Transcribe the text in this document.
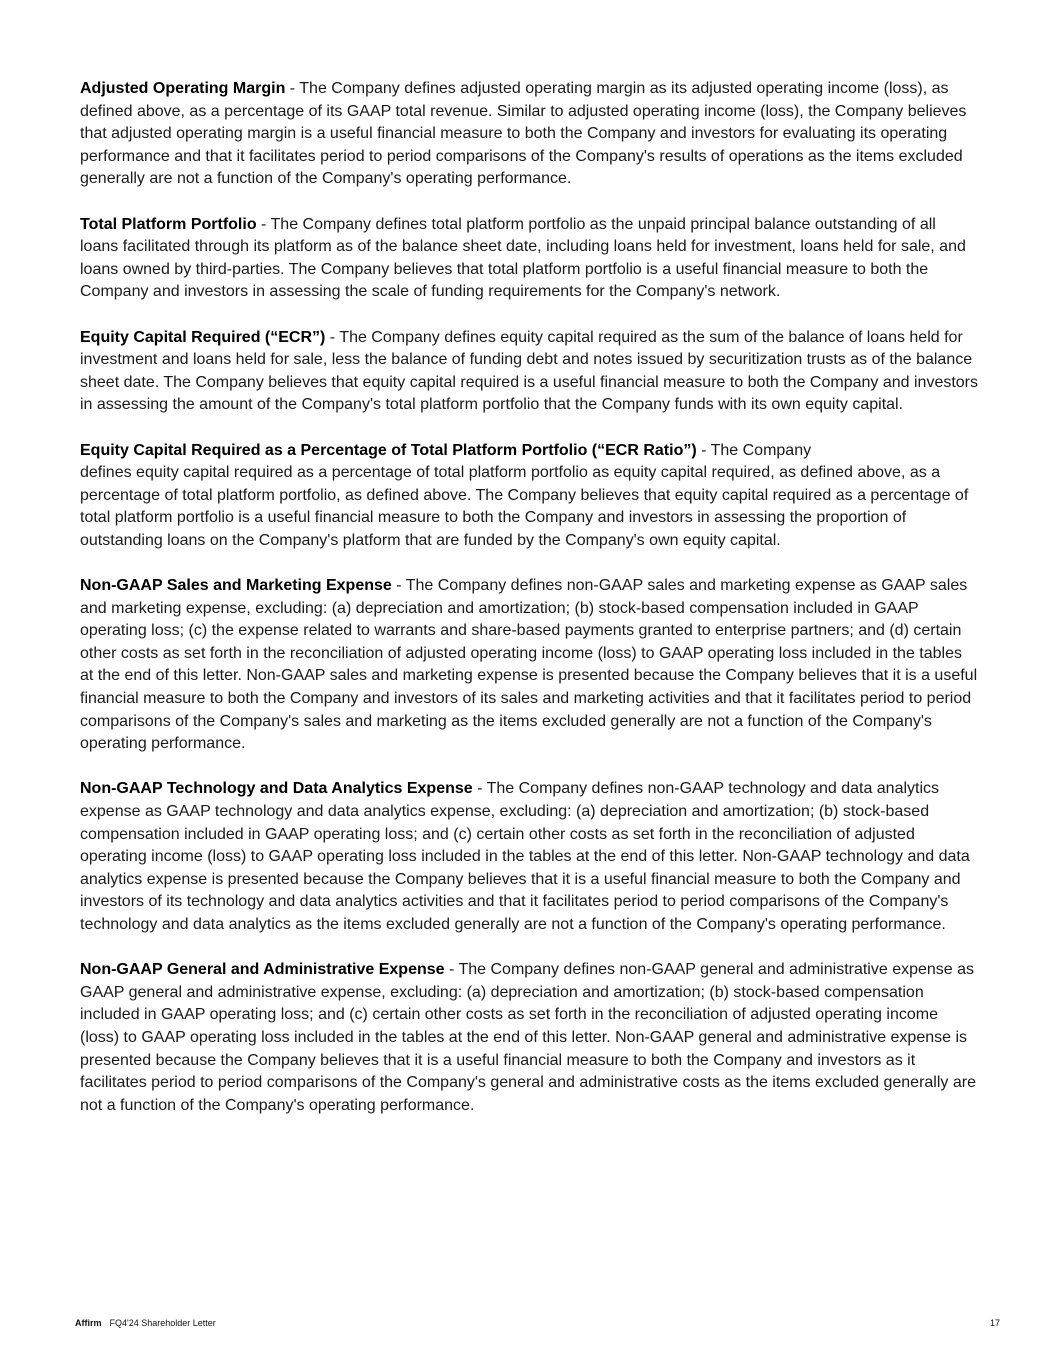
Adjusted Operating Margin - The Company defines adjusted operating margin as its adjusted operating income (loss), as defined above, as a percentage of its GAAP total revenue. Similar to adjusted operating income (loss), the Company believes that adjusted operating margin is a useful financial measure to both the Company and investors for evaluating its operating performance and that it facilitates period to period comparisons of the Company's results of operations as the items excluded generally are not a function of the Company's operating performance.

Total Platform Portfolio - The Company defines total platform portfolio as the unpaid principal balance outstanding of all loans facilitated through its platform as of the balance sheet date, including loans held for investment, loans held for sale, and loans owned by third-parties. The Company believes that total platform portfolio is a useful financial measure to both the Company and investors in assessing the scale of funding requirements for the Company's network.

Equity Capital Required (“ECR”) - The Company defines equity capital required as the sum of the balance of loans held for investment and loans held for sale, less the balance of funding debt and notes issued by securitization trusts as of the balance sheet date. The Company believes that equity capital required is a useful financial measure to both the Company and investors in assessing the amount of the Company's total platform portfolio that the Company funds with its own equity capital.

Equity Capital Required as a Percentage of Total Platform Portfolio (“ECR Ratio”) - The Company
defines equity capital required as a percentage of total platform portfolio as equity capital required, as defined above, as a percentage of total platform portfolio, as defined above. The Company believes that equity capital required as a percentage of total platform portfolio is a useful financial measure to both the Company and investors in assessing the proportion of outstanding loans on the Company's platform that are funded by the Company's own equity capital.

Non-GAAP Sales and Marketing Expense - The Company defines non-GAAP sales and marketing expense as GAAP sales and marketing expense, excluding: (a) depreciation and amortization; (b) stock-based compensation included in GAAP operating loss; (c) the expense related to warrants and share-based payments granted to enterprise partners; and (d) certain other costs as set forth in the reconciliation of adjusted operating income (loss) to GAAP operating loss included in the tables at the end of this letter. Non-GAAP sales and marketing expense is presented because the Company believes that it is a useful financial measure to both the Company and investors of its sales and marketing activities and that it facilitates period to period comparisons of the Company's sales and marketing as the items excluded generally are not a function of the Company's operating performance.

Non-GAAP Technology and Data Analytics Expense - The Company defines non-GAAP technology and data analytics expense as GAAP technology and data analytics expense, excluding: (a) depreciation and amortization; (b) stock-based compensation included in GAAP operating loss; and (c) certain other costs as set forth in the reconciliation of adjusted operating income (loss) to GAAP operating loss included in the tables at the end of this letter. Non-GAAP technology and data analytics expense is presented because the Company believes that it is a useful financial measure to both the Company and investors of its technology and data analytics activities and that it facilitates period to period comparisons of the Company's technology and data analytics as the items excluded generally are not a function of the Company's operating performance.

Non-GAAP General and Administrative Expense - The Company defines non-GAAP general and administrative expense as GAAP general and administrative expense, excluding: (a) depreciation and amortization; (b) stock-based compensation included in GAAP operating loss; and (c) certain other costs as set forth in the reconciliation of adjusted operating income (loss) to GAAP operating loss included in the tables at the end of this letter. Non-GAAP general and administrative expense is presented because the Company believes that it is a useful financial measure to both the Company and investors as it facilitates period to period comparisons of the Company's general and administrative costs as the items excluded generally are not a function of the Company's operating performance.

Affirm FQ4'24 Shareholder Letter	17
